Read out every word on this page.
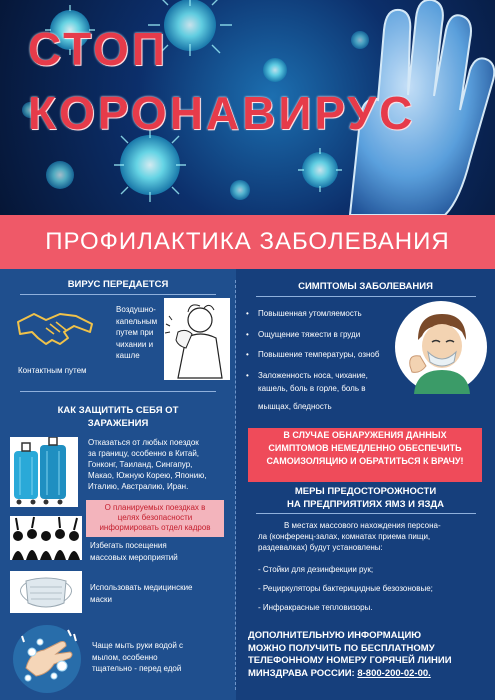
СТОП
КОРОНАВИРУС
ПРОФИЛАКТИКА ЗАБОЛЕВАНИЯ
ВИРУС ПЕРЕДАЕТСЯ
Воздушно-
капельным
путем при
чихании и
кашле
Контактным путем
КАК ЗАЩИТИТЬ СЕБЯ ОТ
ЗАРАЖЕНИЯ
Отказаться от любых поездок
за границу, особенно в Китай,
Гонконг, Таиланд, Сингапур,
Макао, Южную Корею, Японию,
Италию, Австралию, Иран.
О планируемых поездках в
целях безопасности
информировать отдел кадров
Избегать посещения
массовых мероприятий
Использовать медицинские
маски
Чаще мыть руки водой с
мылом, особенно
тщательно - перед едой
СИМПТОМЫ ЗАБОЛЕВАНИЯ
• Повышенная утомляемость
• Ощущение тяжести в груди
• Повышение температуры, озноб
• Заложенность носа, чихание,
кашель, боль в горле, боль в
мышцах, бледность
В СЛУЧАЕ ОБНАРУЖЕНИЯ ДАННЫХ
СИМПТОМОВ НЕМЕДЛЕННО ОБЕСПЕЧИТЬ
САМОИЗОЛЯЦИЮ И ОБРАТИТЬСЯ К ВРАЧУ!
МЕРЫ ПРЕДОСТОРОЖНОСТИ
НА ПРЕДПРИЯТИЯХ ЯМЗ И ЯЗДА
В местах массового нахождения персона-
ла (конференц-залах, комнатах приема пищи,
раздевалках) будут установлены:
- Стойки для дезинфекции рук;
- Рециркуляторы бактерицидные безозоновые;
- Инфракрасные тепловизоры.
ДОПОЛНИТЕЛЬНУЮ ИНФОРМАЦИЮ
МОЖНО ПОЛУЧИТЬ ПО БЕСПЛАТНОМУ
ТЕЛЕФОННОМУ НОМЕРУ ГОРЯЧЕЙ ЛИНИИ
МИНЗДРАВА РОССИИ: 8-800-200-02-00.
